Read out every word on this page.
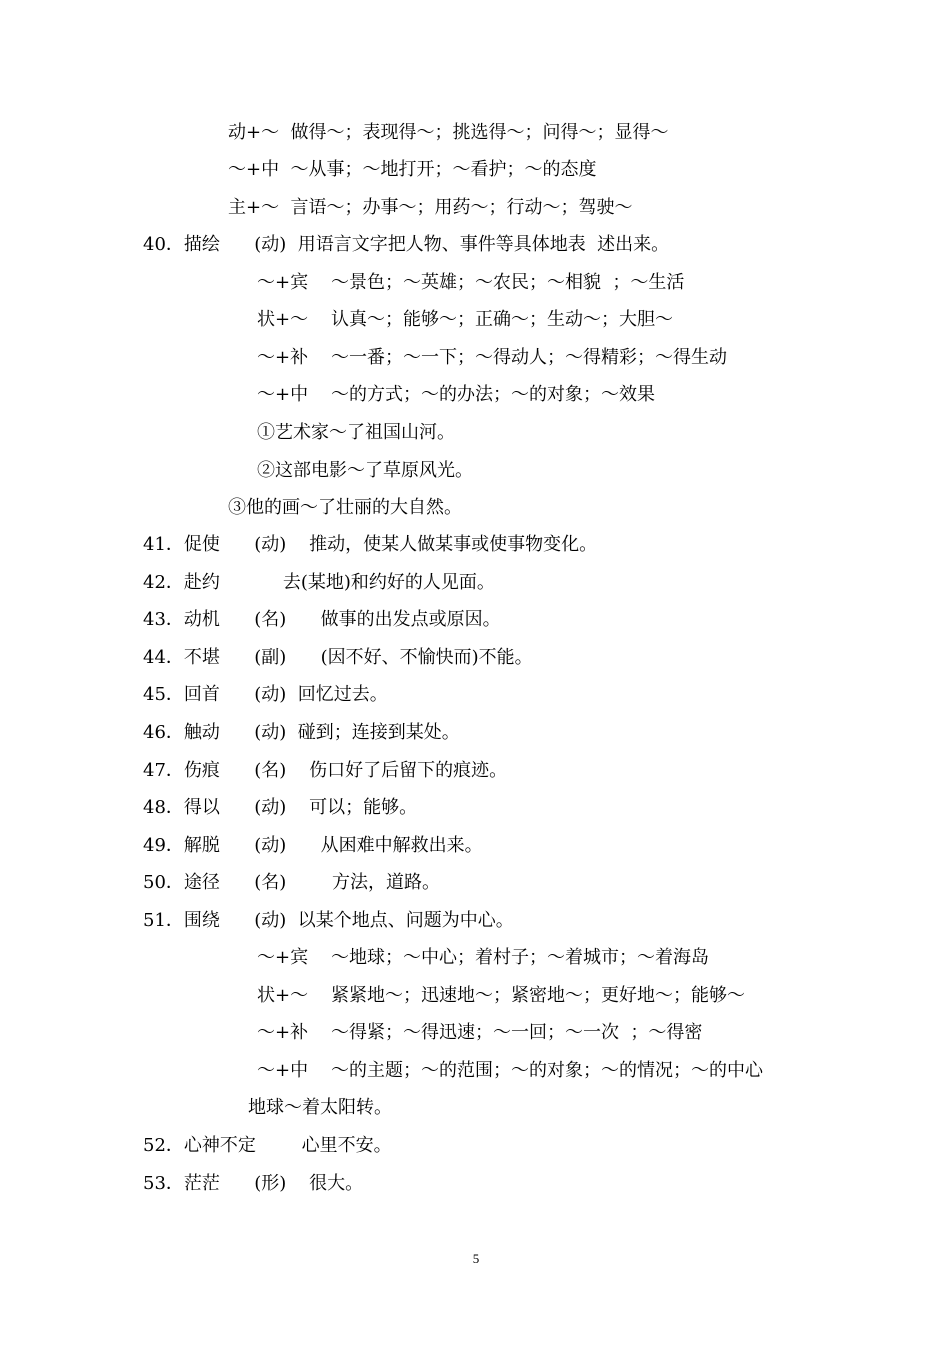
动+～  做得～；表现得～；挑选得～；问得～；显得～
～+中  ～从事；～地打开；～看护；～的态度
主+～  言语～；办事～；用药～；行动～；驾驶～
40．描绘      (动)  用语言文字把人物、事件等具体地表  述出来。
～+宾    ～景色；～英雄；～农民；～相貌  ；～生活
状+～    认真～；能够～；正确～；生动～；大胆～
～+补    ～一番；～一下；～得动人；～得精彩；～得生动
～+中    ～的方式；～的办法；～的对象；～效果
①艺术家～了祖国山河。
②这部电影～了草原风光。
③他的画～了壮丽的大自然。
41．促使      (动)    推动，使某人做某事或使事物变化。
42．赴约           去(某地)和约好的人见面。
43．动机      (名)      做事的出发点或原因。
44．不堪      (副)      (因不好、不愉快而)不能。
45．回首      (动)  回忆过去。
46．触动      (动)  碰到；连接到某处。
47．伤痕      (名)    伤口好了后留下的痕迹。
48．得以      (动)    可以；能够。
49．解脱      (动)      从困难中解救出来。
50．途径      (名)        方法，道路。
51．围绕      (动)  以某个地点、问题为中心。
～+宾    ～地球；～中心；着村子；～着城市；～着海岛
状+～    紧紧地～；迅速地～；紧密地～；更好地～；能够～
～+补    ～得紧；～得迅速；～一回；～一次  ；～得密
～+中    ～的主题；～的范围；～的对象；～的情况；～的中心
地球～着太阳转。
52．心神不定        心里不安。
53．茫茫      (形)    很大。
5
